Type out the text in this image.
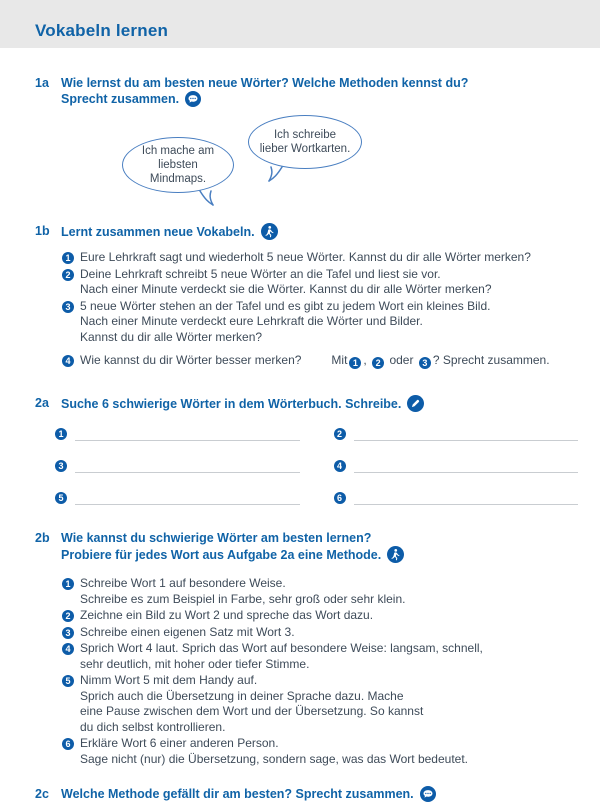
Vokabeln lernen
1a Wie lernst du am besten neue Wörter? Welche Methoden kennst du?
Sprecht zusammen.
Ich mache am liebsten Mindmaps.
Ich schreibe lieber Wortkarten.
1b Lernt zusammen neue Vokabeln.
1 Eure Lehrkraft sagt und wiederholt 5 neue Wörter. Kannst du dir alle Wörter merken?
2 Deine Lehrkraft schreibt 5 neue Wörter an die Tafel und liest sie vor.
Nach einer Minute verdeckt sie die Wörter. Kannst du dir alle Wörter merken?
3 5 neue Wörter stehen an der Tafel und es gibt zu jedem Wort ein kleines Bild.
Nach einer Minute verdeckt eure Lehrkraft die Wörter und Bilder.
Kannst du dir alle Wörter merken?
4 Wie kannst du dir Wörter besser merken?	Mit 1 , 2 oder 3 ? Sprecht zusammen.
2a Suche 6 schwierige Wörter in dem Wörterbuch. Schreibe.
1	2
3	4
5	6
2b Wie kannst du schwierige Wörter am besten lernen?
Probiere für jedes Wort aus Aufgabe 2a eine Methode.
1 Schreibe Wort 1 auf besondere Weise.
Schreibe es zum Beispiel in Farbe, sehr groß oder sehr klein.
2 Zeichne ein Bild zu Wort 2 und spreche das Wort dazu.
3 Schreibe einen eigenen Satz mit Wort 3.
4 Sprich Wort 4 laut. Sprich das Wort auf besondere Weise: langsam, schnell,
sehr deutlich, mit hoher oder tiefer Stimme.
5 Nimm Wort 5 mit dem Handy auf.
Sprich auch die Übersetzung in deiner Sprache dazu. Mache
eine Pause zwischen dem Wort und der Übersetzung. So kannst
du dich selbst kontrollieren.
6 Erkläre Wort 6 einer anderen Person.
Sage nicht (nur) die Übersetzung, sondern sage, was das Wort bedeutet.
2c Welche Methode gefällt dir am besten? Sprecht zusammen.
